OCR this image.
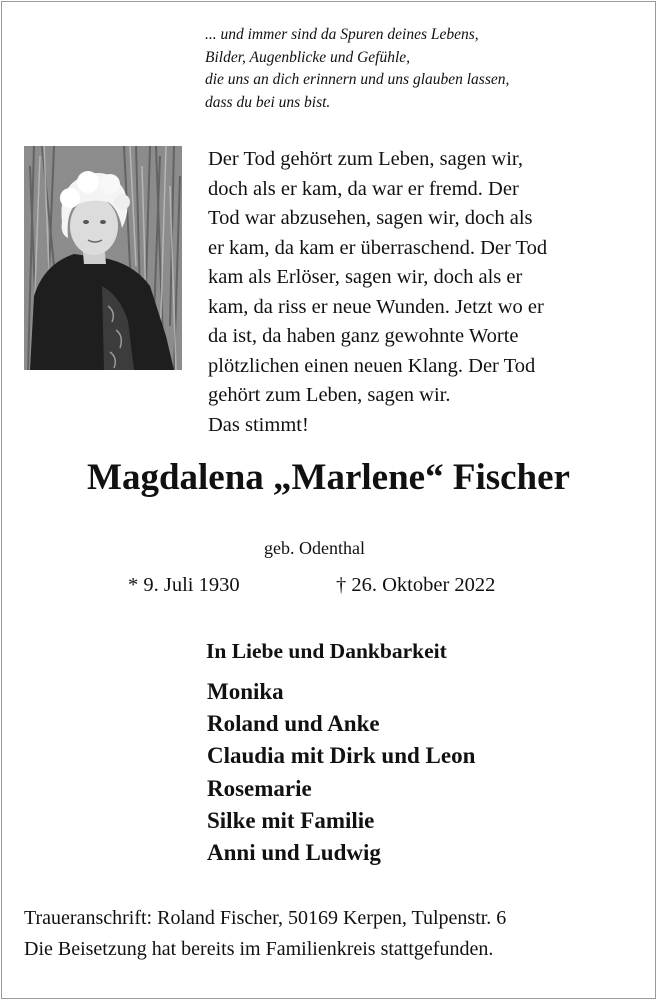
... und immer sind da Spuren deines Lebens,
Bilder, Augenblicke und Gefühle,
die uns an dich erinnern und uns glauben lassen,
dass du bei uns bist.
Der Tod gehört zum Leben, sagen wir,
doch als er kam, da war er fremd. Der
Tod war abzusehen, sagen wir, doch als
er kam, da kam er überraschend. Der Tod
kam als Erlöser, sagen wir, doch als er
kam, da riss er neue Wunden. Jetzt wo er
da ist, da haben ganz gewohnte Worte
plötzlichen einen neuen Klang. Der Tod
gehört zum Leben, sagen wir.
Das stimmt!
Magdalena „Marlene“ Fischer
geb. Odenthal
* 9. Juli 1930	† 26. Oktober 2022
In Liebe und Dankbarkeit
Monika
Roland und Anke
Claudia mit Dirk und Leon
Rosemarie
Silke mit Familie
Anni und Ludwig
Traueranschrift: Roland Fischer, 50169 Kerpen, Tulpenstr. 6
Die Beisetzung hat bereits im Familienkreis stattgefunden.
